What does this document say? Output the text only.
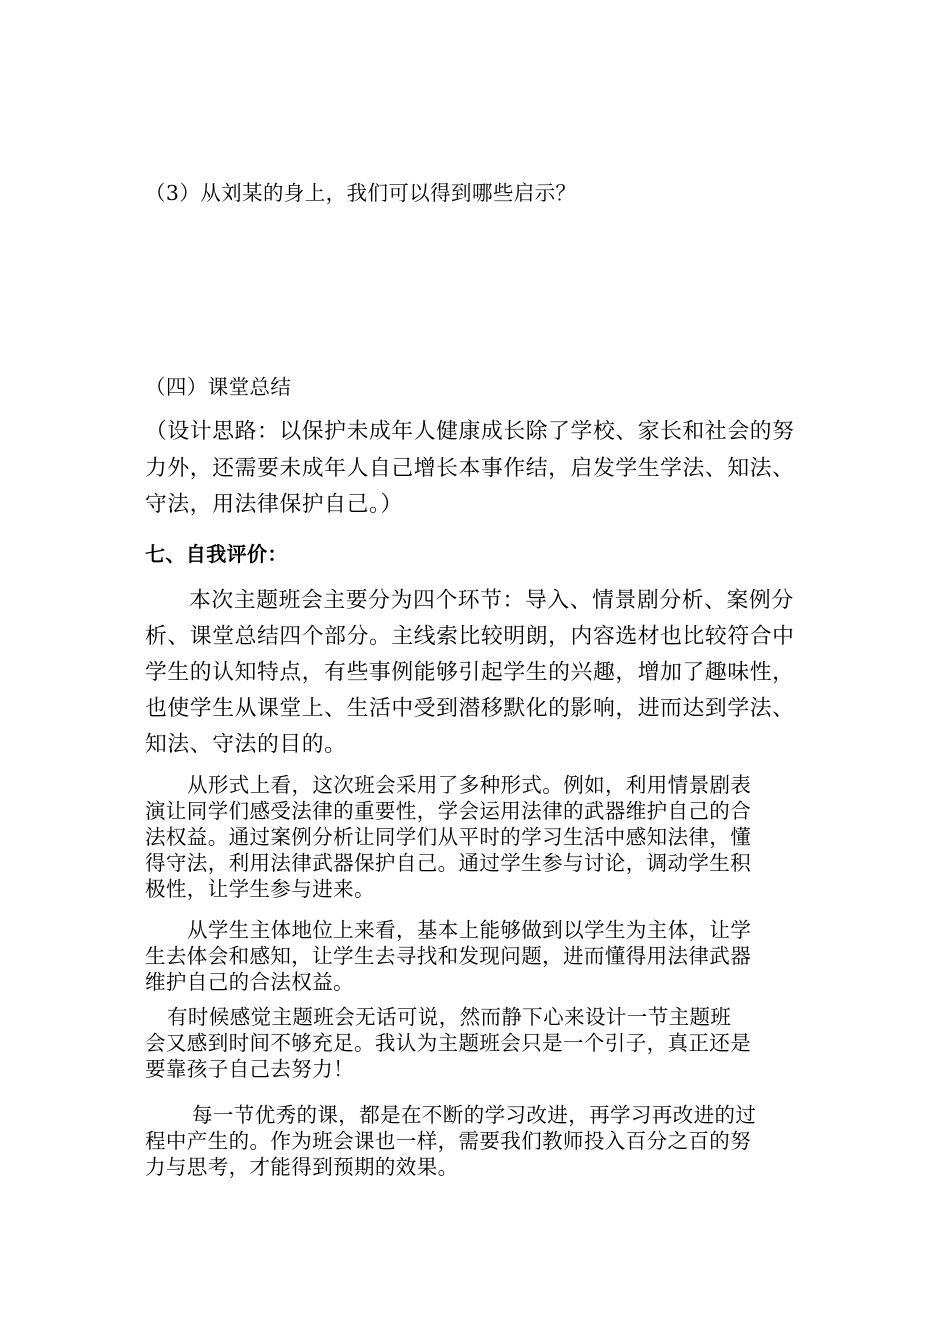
（3）从刘某的身上，我们可以得到哪些启示？
（四）课堂总结
（设计思路：以保护未成年人健康成长除了学校、家长和社会的努
力外，还需要未成年人自己增长本事作结，启发学生学法、知法、
守法，用法律保护自己。）
七、自我评价：
本次主题班会主要分为四个环节：导入、情景剧分析、案例分
析、课堂总结四个部分。主线索比较明朗，内容选材也比较符合中
学生的认知特点，有些事例能够引起学生的兴趣，增加了趣味性，
也使学生从课堂上、生活中受到潜移默化的影响，进而达到学法、
知法、守法的目的。
从形式上看，这次班会采用了多种形式。例如，利用情景剧表
演让同学们感受法律的重要性，学会运用法律的武器维护自己的合
法权益。通过案例分析让同学们从平时的学习生活中感知法律，懂
得守法，利用法律武器保护自己。通过学生参与讨论，调动学生积
极性，让学生参与进来。
从学生主体地位上来看，基本上能够做到以学生为主体，让学
生去体会和感知，让学生去寻找和发现问题，进而懂得用法律武器
维护自己的合法权益。
有时候感觉主题班会无话可说，然而静下心来设计一节主题班
会又感到时间不够充足。我认为主题班会只是一个引子，真正还是
要靠孩子自己去努力！
每一节优秀的课，都是在不断的学习改进，再学习再改进的过
程中产生的。作为班会课也一样，需要我们教师投入百分之百的努
力与思考，才能得到预期的效果。
